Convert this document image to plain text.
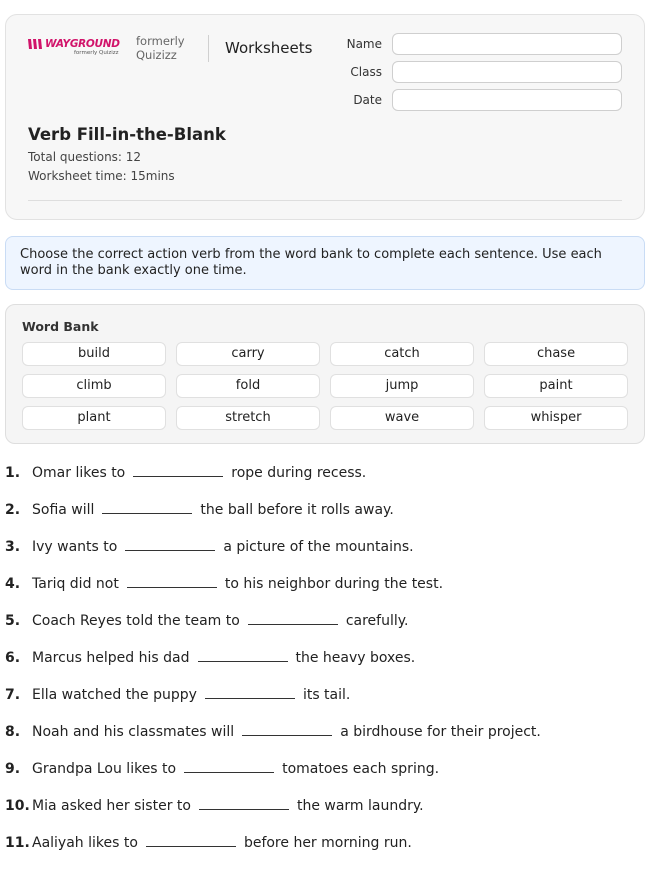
WAYGROUND
formerly Quizizz
formerly Quizizz	Worksheets	Name
Class
Date
Verb Fill-in-the-Blank
Total questions: 12
Worksheet time: 15mins
Choose the correct action verb from the word bank to complete each sentence. Use each word in the bank exactly one time.
Word Bank
build	carry	catch	chase
climb	fold	jump	paint
plant	stretch	wave	whisper
1. Omar likes to	rope during recess.
2. Sofia will	the ball before it rolls away.
3. Ivy wants to	a picture of the mountains.
4. Tariq did not	to his neighbor during the test.
5. Coach Reyes told the team to	carefully.
6. Marcus helped his dad	the heavy boxes.
7. Ella watched the puppy	its tail.
8. Noah and his classmates will	a birdhouse for their project.
9. Grandpa Lou likes to	tomatoes each spring.
10. Mia asked her sister to	the warm laundry.
11. Aaliyah likes to	before her morning run.
